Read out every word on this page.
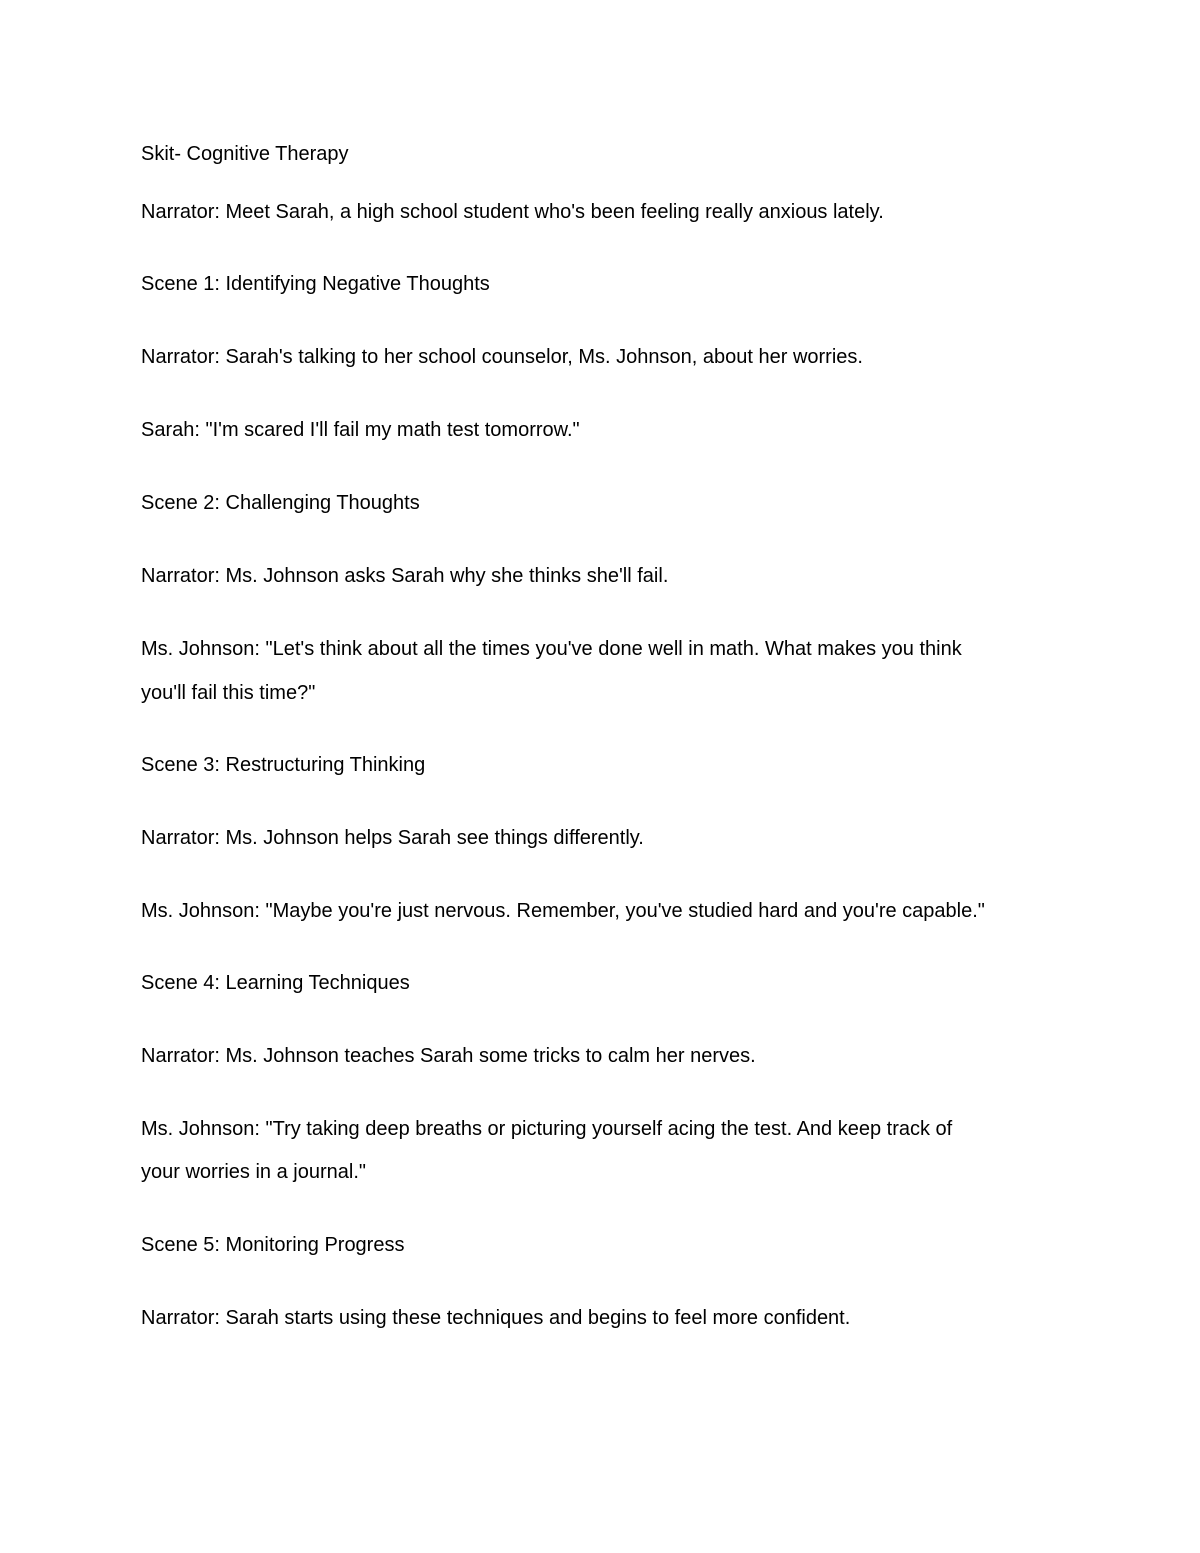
Skit- Cognitive Therapy

Narrator: Meet Sarah, a high school student who's been feeling really anxious lately.

Scene 1: Identifying Negative Thoughts

Narrator: Sarah's talking to her school counselor, Ms. Johnson, about her worries.

Sarah: "I'm scared I'll fail my math test tomorrow."

Scene 2: Challenging Thoughts

Narrator: Ms. Johnson asks Sarah why she thinks she'll fail.

Ms. Johnson: "Let's think about all the times you've done well in math. What makes you think

you'll fail this time?"

Scene 3: Restructuring Thinking

Narrator: Ms. Johnson helps Sarah see things differently.

Ms. Johnson: "Maybe you're just nervous. Remember, you've studied hard and you're capable."

Scene 4: Learning Techniques

Narrator: Ms. Johnson teaches Sarah some tricks to calm her nerves.

Ms. Johnson: "Try taking deep breaths or picturing yourself acing the test. And keep track of

your worries in a journal."

Scene 5: Monitoring Progress

Narrator: Sarah starts using these techniques and begins to feel more confident.
